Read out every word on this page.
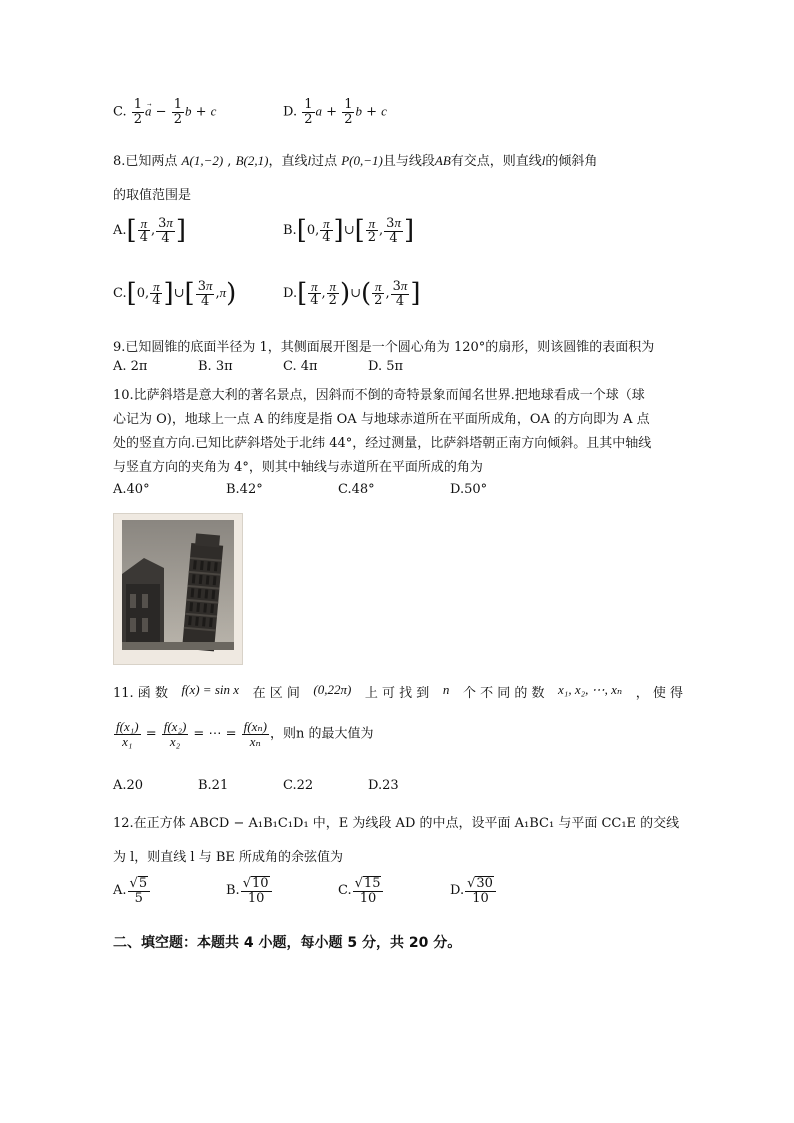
C. $\frac{1}{2}$ $a - \frac{1}{2}$ b + c	D. $\frac{1}{2}$ $a + \frac{1}{2}$ b + c
8.已知两点 A(1,−2) , B(2,1)，直线l过点 P(0,−1)且与线段AB有交点，则直线l的倾斜角
的取值范围是
$A.[ \frac{\pi}{4}$ , $\frac{3\pi}{4}$ ]	B.[0, $\frac{\pi}{4}$ ]∪[ $\frac{\pi}{2}$ , $\frac{3\pi}{4}$ ]
C.[0, $\frac{\pi}{4}$ ]∪[ $\frac{3\pi}{4} ,\pi$)	$D.[ \frac{\pi}{4}$ , $\frac{\pi}{2}$ )∪( $\frac{\pi}{2}$ , $\frac{3\pi}{4}$ ]
9.已知圆锥的底面半径为 1，其侧面展开图是一个圆心角为 120°的扇形，则该圆锥的表面积为
A. 2π	B. 3π	C. 4π	D. 5π
10.比萨斜塔是意大利的著名景点，因斜而不倒的奇特景象而闻名世界.把地球看成一个球（球
心记为 O)，地球上一点 A 的纬度是指 OA 与地球赤道所在平面所成角，OA 的方向即为 A 点
处的竖直方向.已知比萨斜塔处于北纬 44°，经过测量，比萨斜塔朝正南方向倾斜。且其中轴线
与竖直方向的夹角为 4°，则其中轴线与赤道所在平面所成的角为
A.40°	B.42°	C.48°	D.50°
11. 函 数 f(x) = sin x 在 区 间 (0,22π) 上 可 找 到 n 个 不 同 的 数 x₁, x₂, ⋯, xₙ ， 使 得
$\frac{\text{f(x₁)}}{\text{x₁}} = \frac{\text{f(x₂)}}{\text{x₂}}$ = ⋯ = $\frac{\text{f(xₙ)}}{\text{xₙ}}$ ，则n 的最大值为
A.20	B.21	C.22	D.23
12.在正方体 ABCD − A₁B₁C₁D₁ 中，E 为线段 AD 的中点，设平面 A₁BC₁ 与平面 CC₁E 的交线
为 l，则直线 l 与 BE 所成角的余弦值为
A. $\frac{√5}{5}$	B. $\frac{√10}{10}$	C. $\frac{√15}{10}$	D. $\frac{√30}{10}$
二、填空题：本题共 4 小题，每小题 5 分，共 20 分。
